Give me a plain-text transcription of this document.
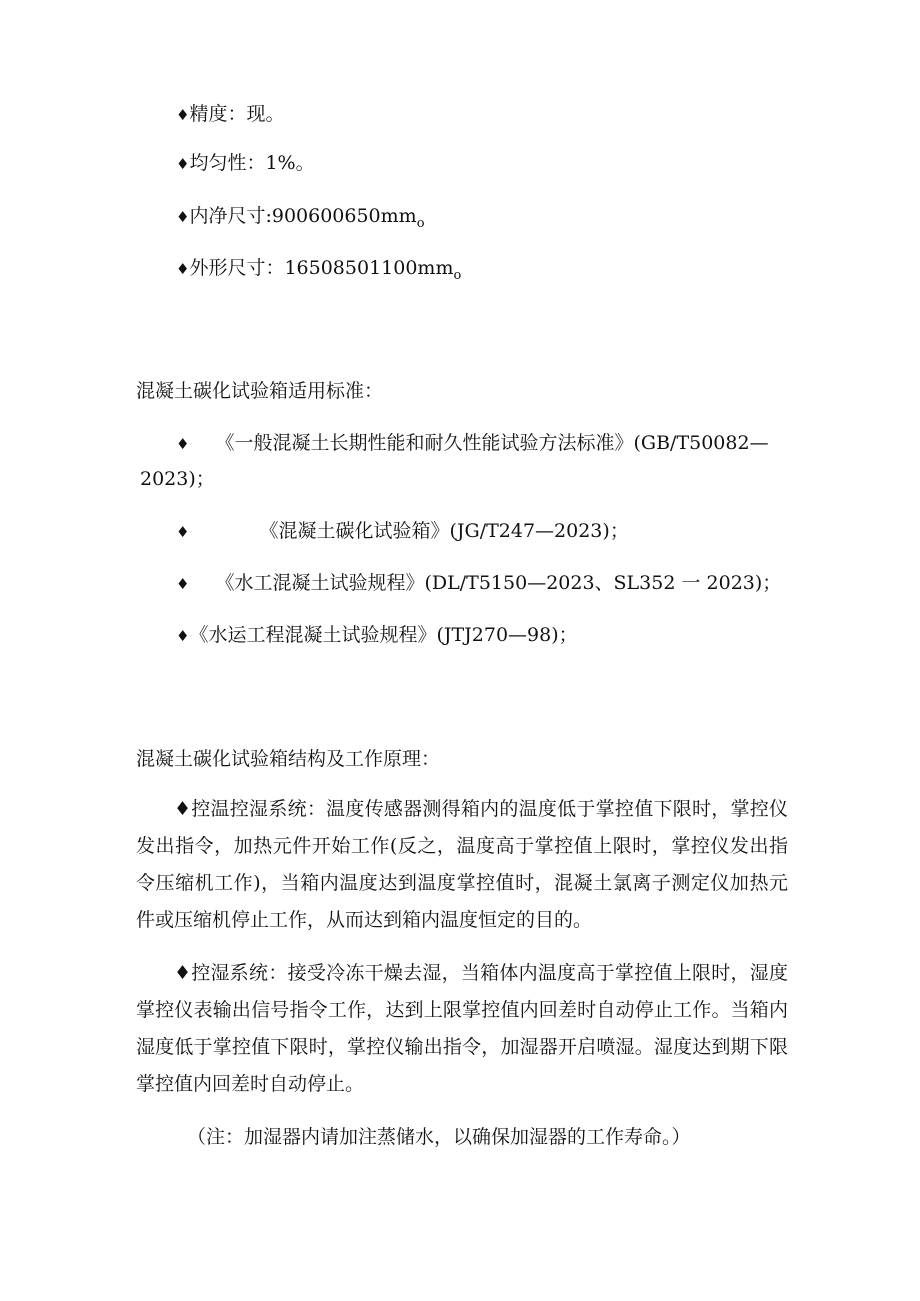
♦精度：现。
♦均匀性：1%。
♦内净尺寸$:900600650mm_o$
♦外形尺寸：$16508501100mm_o$
混凝土碳化试验箱适用标准：
♦ 《一般混凝土长期性能和耐久性能试验方法标准》(GB/T50082—
2023)；
♦	《混凝土碳化试验箱》(JG/T247—2023)；
♦ 《水工混凝土试验规程》(DL/T5150—2023、SL352 一 2023)；
♦《水运工程混凝土试验规程》(JTJ270—98)；
混凝土碳化试验箱结构及工作原理：
♦控温控湿系统：温度传感器测得箱内的温度低于掌控值下限时，掌控仪发出指令，加热元件开始工作(反之，温度高于掌控值上限时，掌控仪发出指令压缩机工作)，当箱内温度达到温度掌控值时，混凝土氯离子测定仪加热元件或压缩机停止工作，从而达到箱内温度恒定的目的。
♦控湿系统：接受冷冻干燥去湿，当箱体内温度高于掌控值上限时，湿度掌控仪表输出信号指令工作，达到上限掌控值内回差时自动停止工作。当箱内湿度低于掌控值下限时，掌控仪输出指令，加湿器开启喷湿。湿度达到期下限掌控值内回差时自动停止。
（注：加湿器内请加注蒸储水，以确保加湿器的工作寿命。）
